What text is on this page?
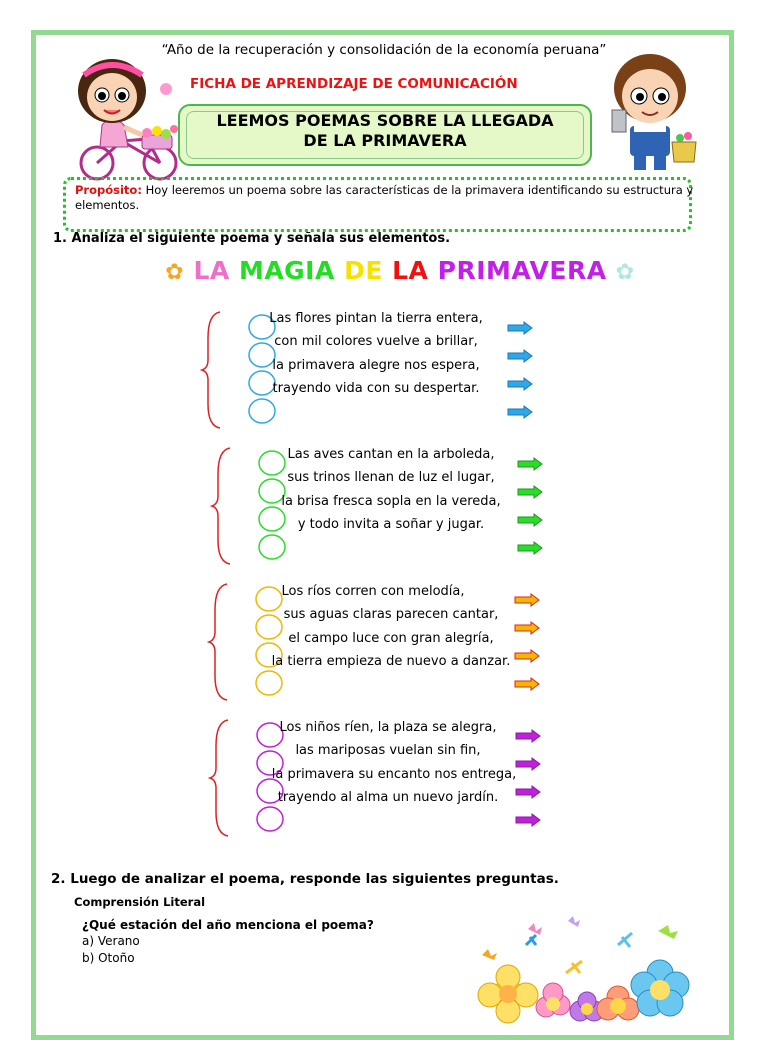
“Año de la recuperación y consolidación de la economía peruana”
FICHA DE APRENDIZAJE DE COMUNICACIÓN
LEEMOS POEMAS SOBRE LA LLEGADA
DE LA PRIMAVERA
Propósito: Hoy leeremos un poema sobre las características de la primavera identificando su estructura y elementos.
1. Analiza el siguiente poema y señala sus elementos.
✿ LA MAGIA DE LA PRIMAVERA ✿
Las flores pintan la tierra entera,
con mil colores vuelve a brillar,
la primavera alegre nos espera,
trayendo vida con su despertar.
Las aves cantan en la arboleda,
sus trinos llenan de luz el lugar,
la brisa fresca sopla en la vereda,
y todo invita a soñar y jugar.
Los ríos corren con melodía,
sus aguas claras parecen cantar,
el campo luce con gran alegría,
la tierra empieza de nuevo a danzar.
Los niños ríen, la plaza se alegra,
las mariposas vuelan sin fin,
la primavera su encanto nos entrega,
trayendo al alma un nuevo jardín.
2. Luego de analizar el poema, responde las siguientes preguntas.
Comprensión Literal
¿Qué estación del año menciona el poema?
a) Verano
b) Otoño
